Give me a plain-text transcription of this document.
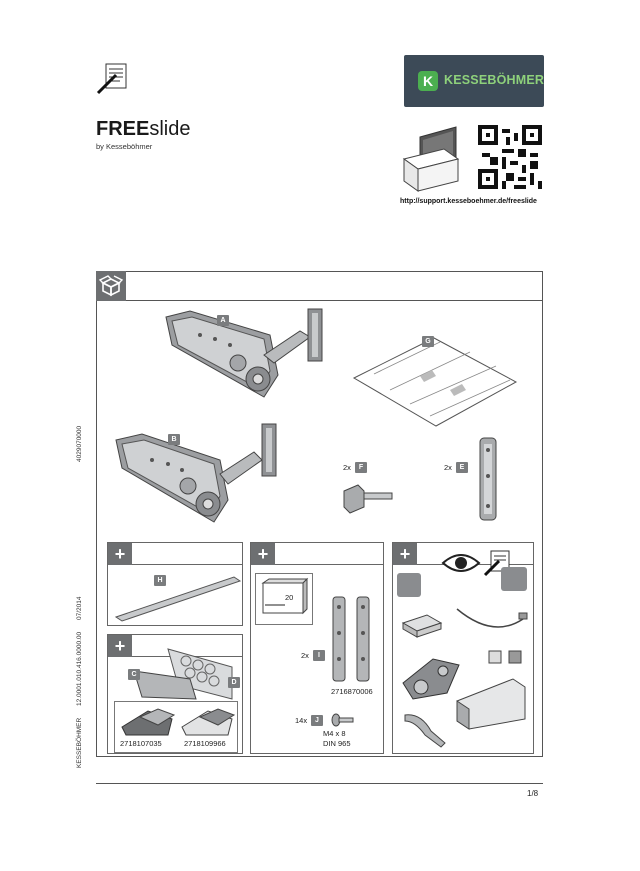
FREEslide
by Kesseböhmer
K KESSEBÖHMER
http://support.kesseboehmer.de/freeslide
A
B
G
2x	F	2x	E
+
H
+
C
D
2718107035	2718109966
+
20
2x	I
2716870006
14x	J
M4 x 8
DIN 965
+
4029070000
07/2014
12.0001.010.416.0000.00
KESSEBÖHMER
1/8
